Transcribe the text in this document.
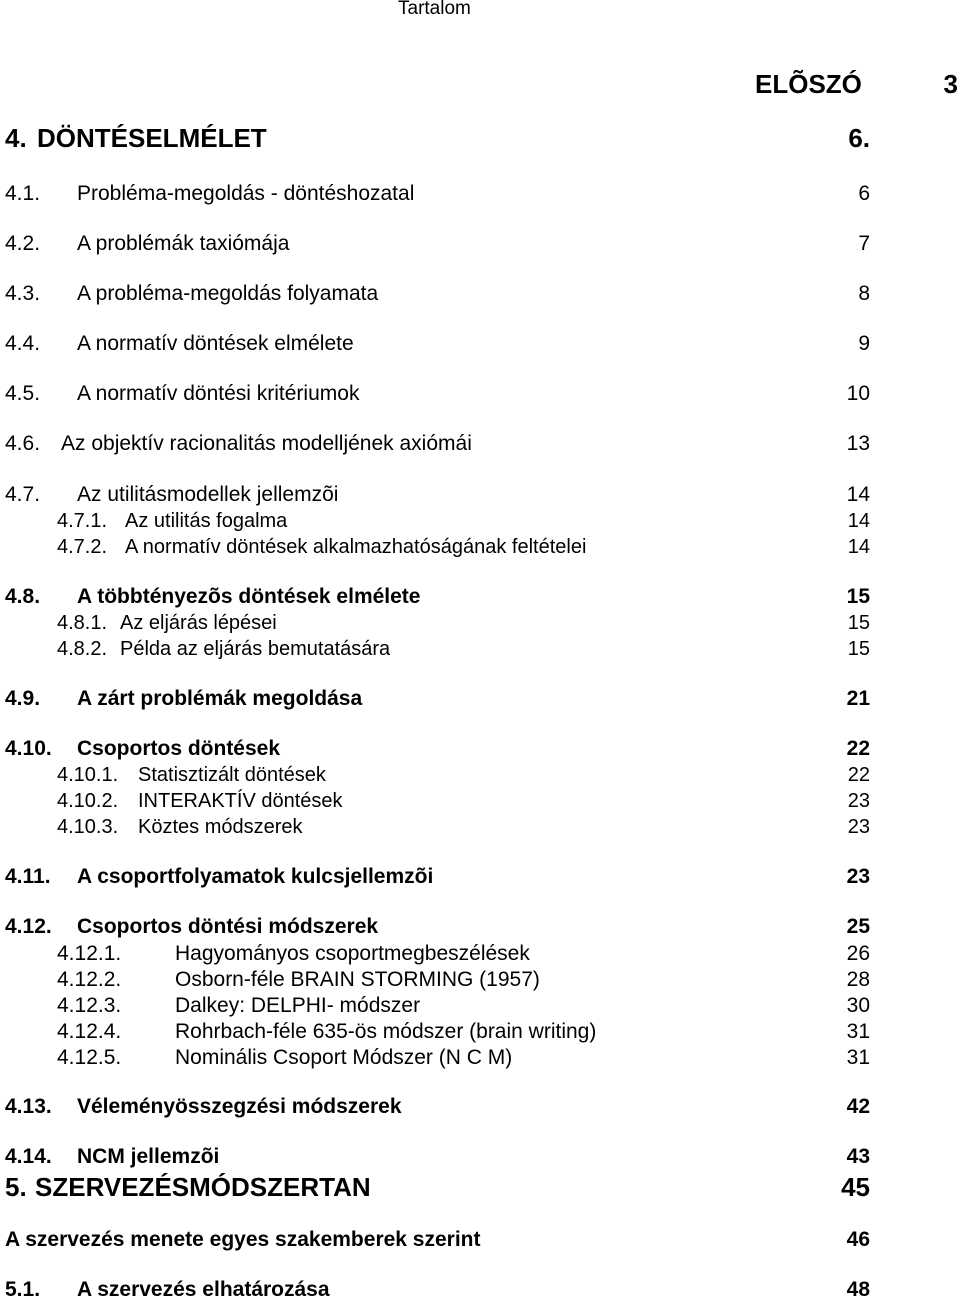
Tartalom
ELÕSZÓ	3
4. DÖNTÉSELMÉLET	6.
4.1. Probléma-megoldás - döntéshozatal	6
4.2. A problémák taxiómája	7
4.3. A probléma-megoldás folyamata	8
4.4. A normatív döntések elmélete	9
4.5. A normatív döntési kritériumok	10
4.6. Az objektív racionalitás modelljének axiómái	13
4.7. Az utilitásmodellek jellemzõi	14
4.7.1. Az utilitás fogalma	14
4.7.2. A normatív döntések alkalmazhatóságának feltételei	14
4.8. A többtényezõs döntések elmélete	15
4.8.1. Az eljárás lépései	15
4.8.2. Példa az eljárás bemutatására	15
4.9. A zárt problémák megoldása	21
4.10. Csoportos döntések	22
4.10.1. Statisztizált döntések	22
4.10.2. INTERAKTÍV döntések	23
4.10.3. Köztes módszerek	23
4.11. A csoportfolyamatok kulcsjellemzõi	23
4.12. Csoportos döntési módszerek	25
4.12.1.	Hagyományos csoportmegbeszélések	26
4.12.2.	Osborn-féle BRAIN STORMING (1957)	28
4.12.3.	Dalkey: DELPHI- módszer	30
4.12.4.	Rohrbach-féle 635-ös módszer (brain writing)	31
4.12.5.	Nominális Csoport Módszer (N C M)	31
4.13. Véleményösszegzési módszerek	42
4.14. NCM jellemzõi	43
5. SZERVEZÉSMÓDSZERTAN	45
A szervezés menete egyes szakemberek szerint	46
5.1. A szervezés elhatározása	48
